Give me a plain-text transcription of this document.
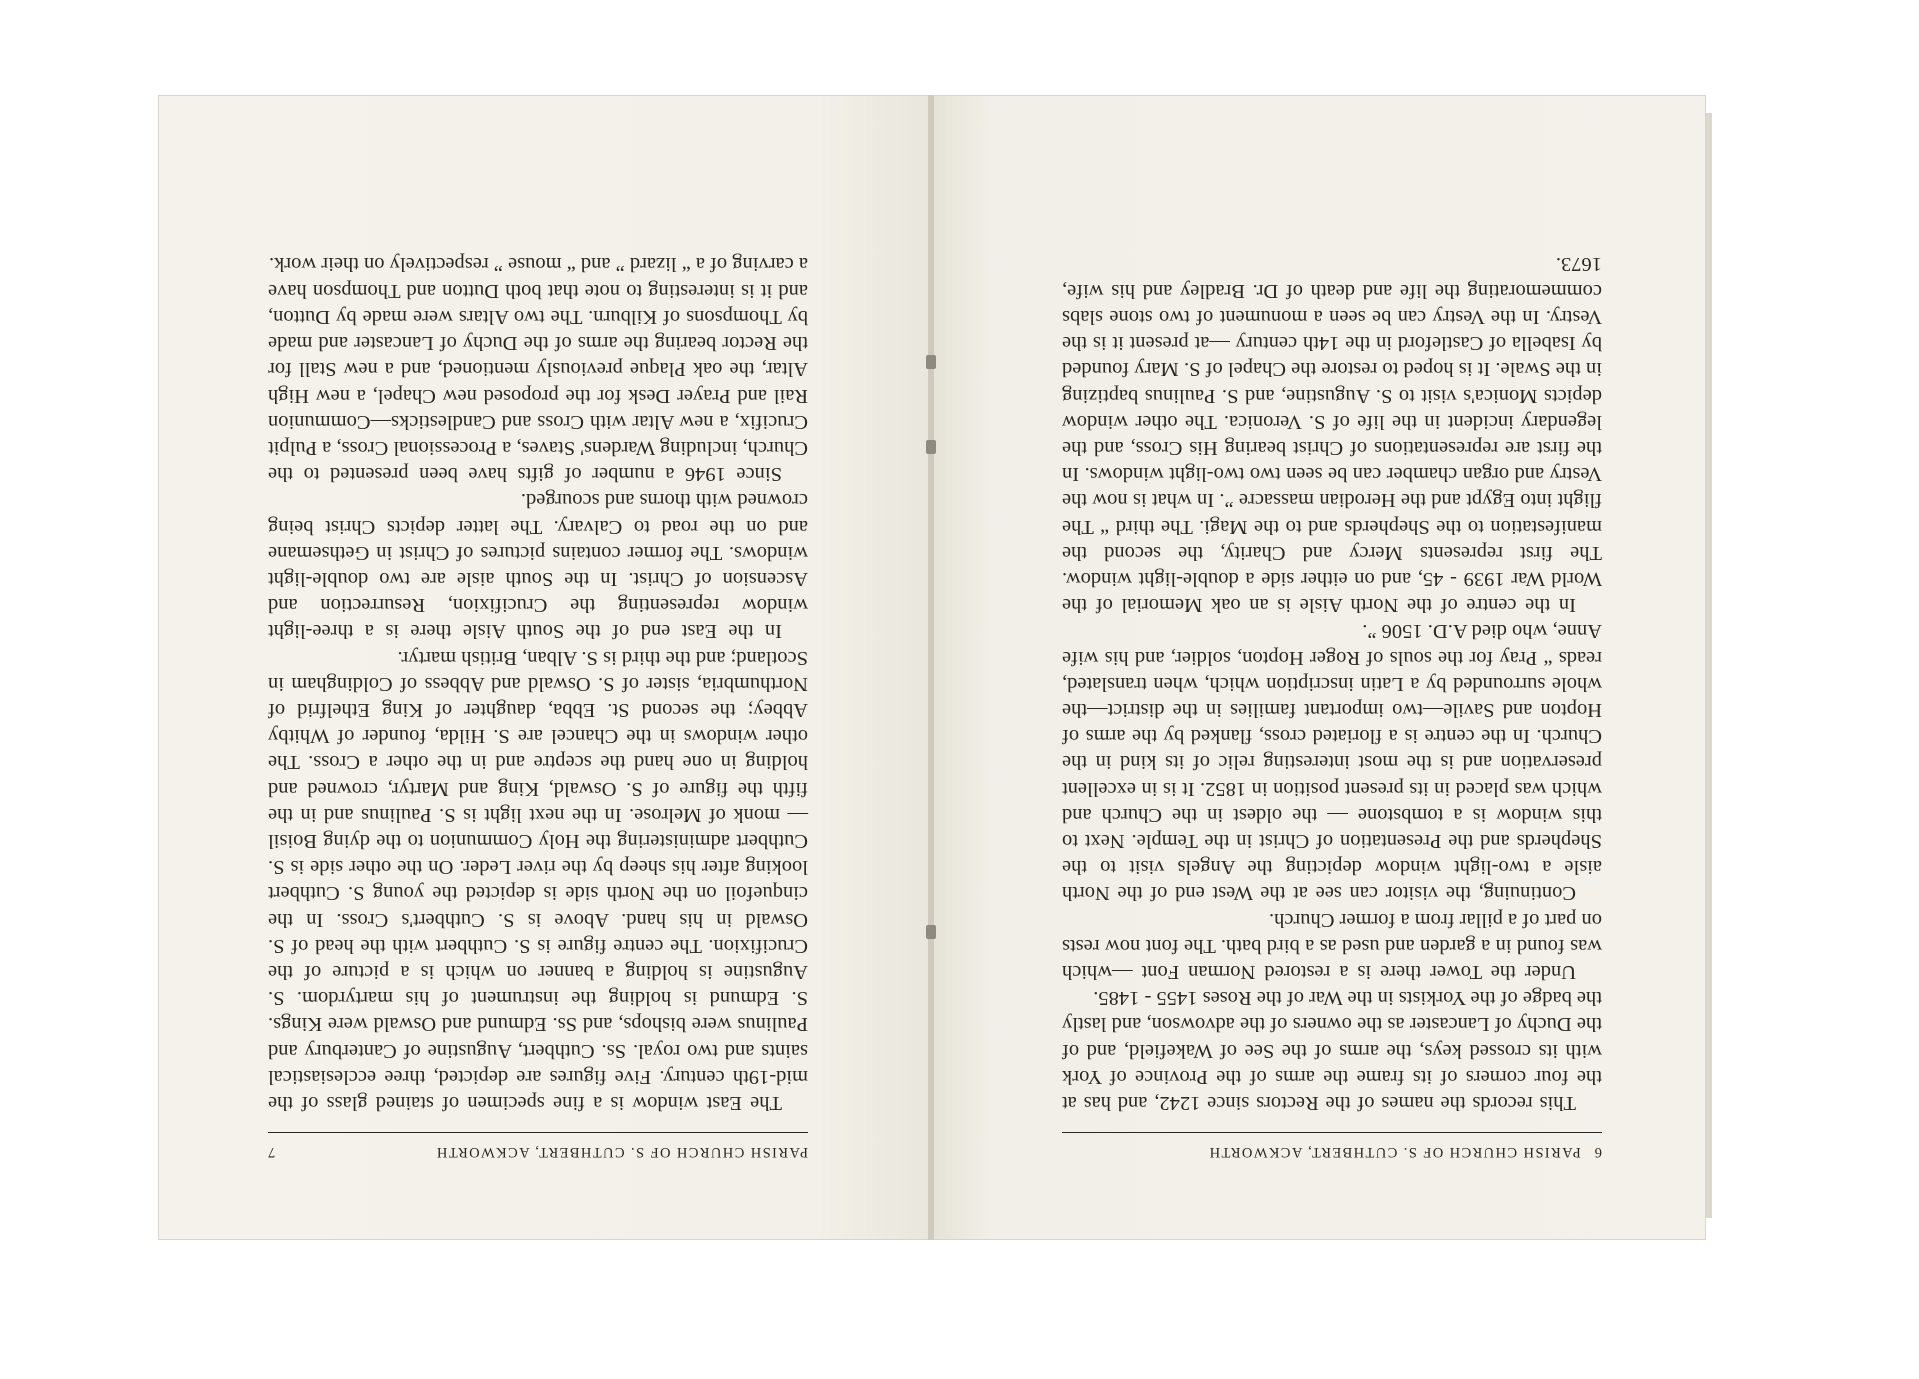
PARISH CHURCH OF S. CUTHBERT, ACKWORTH
7

The East window is a fine specimen of stained glass of the mid-19th century. Five figures are depicted, three ecclesiastical saints and two royal. Ss. Cuthbert, Augustine of Canterbury and Paulinus were bishops, and Ss. Edmund and Oswald were Kings. S. Edmund is holding the instrument of his martyrdom. S. Augustine is holding a banner on which is a picture of the Crucifixion. The centre figure is S. Cuthbert with the head of S. Oswald in his hand. Above is S. Cuthbert's Cross. In the cinquefoil on the North side is depicted the young S. Cuthbert looking after his sheep by the river Leder. On the other side is S. Cuthbert administering the Holy Communion to the dying Boisil — monk of Melrose. In the next light is S. Paulinus and in the fifth the figure of S. Oswald, King and Martyr, crowned and holding in one hand the sceptre and in the other a Cross. The other windows in the Chancel are S. Hilda, founder of Whitby Abbey; the second St. Ebba, daughter of King Ethelfrid of Northumbria, sister of S. Oswald and Abbess of Coldingham in Scotland; and the third is S. Alban, British martyr.

In the East end of the South Aisle there is a three-light window representing the Crucifixion, Resurrection and Ascension of Christ. In the South aisle are two double-light windows. The former contains pictures of Christ in Gethsemane and on the road to Calvary. The latter depicts Christ being crowned with thorns and scourged.

Since 1946 a number of gifts have been presented to the Church, including Wardens' Staves, a Processional Cross, a Pulpit Crucifix, a new Altar with Cross and Candlesticks—Communion Rail and Prayer Desk for the proposed new Chapel, a new High Altar, the oak Plaque previously mentioned, and a new Stall for the Rector bearing the arms of the Duchy of Lancaster and made by Thompsons of Kilburn. The two Altars were made by Dutton, and it is interesting to note that both Dutton and Thompson have a carving of a “ lizard ” and “ mouse ” respectively on their work.

6
PARISH CHURCH OF S. CUTHBERT, ACKWORTH

This records the names of the Rectors since 1242, and has at the four corners of its frame the arms of the Province of York with its crossed keys, the arms of the See of Wakefield, and of the Duchy of Lancaster as the owners of the advowson, and lastly the badge of the Yorkists in the War of the Roses 1455 - 1485.

Under the Tower there is a restored Norman Font —which was found in a garden and used as a bird bath. The font now rests on part of a pillar from a former Church.

Continuing, the visitor can see at the West end of the North aisle a two-light window depicting the Angels visit to the Shepherds and the Presentation of Christ in the Temple. Next to this window is a tombstone — the oldest in the Church and which was placed in its present position in 1852. It is in excellent preservation and is the most interesting relic of its kind in the Church. In the centre is a floriated cross, flanked by the arms of Hopton and Savile—two important families in the district—the whole surrounded by a Latin inscription which, when translated, reads “ Pray for the souls of Roger Hopton, soldier, and his wife Anne, who died A.D. 1506 ”.

In the centre of the North Aisle is an oak Memorial of the World War 1939 - 45, and on either side a double-light window. The first represents Mercy and Charity, the second the manifestation to the Shepherds and to the Magi. The third “ The flight into Egypt and the Herodian massacre ”. In what is now the Vestry and organ chamber can be seen two two-light windows. In the first are representations of Christ bearing His Cross, and the legendary incident in the life of S. Veronica. The other window depicts Monica's visit to S. Augustine, and S. Paulinus baptizing in the Swale. It is hoped to restore the Chapel of S. Mary founded by Isabella of Castleford in the 14th century —at present it is the Vestry. In the Vestry can be seen a monument of two stone slabs commemorating the life and death of Dr. Bradley and his wife, 1673.
